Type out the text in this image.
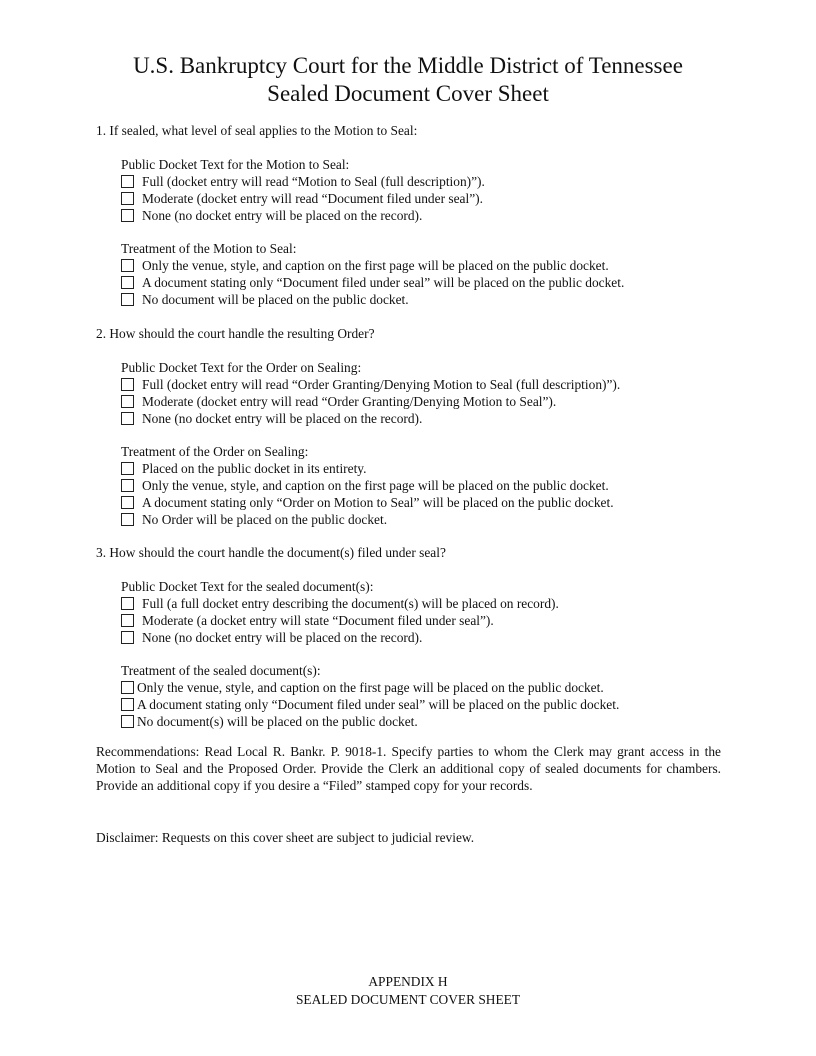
U.S. Bankruptcy Court for the Middle District of Tennessee
Sealed Document Cover Sheet
1. If sealed, what level of seal applies to the Motion to Seal:
Public Docket Text for the Motion to Seal:
Full (docket entry will read “Motion to Seal (full description)”).
Moderate (docket entry will read “Document filed under seal”).
None (no docket entry will be placed on the record).
Treatment of the Motion to Seal:
Only the venue, style, and caption on the first page will be placed on the public docket.
A document stating only “Document filed under seal” will be placed on the public docket.
No document will be placed on the public docket.
2. How should the court handle the resulting Order?
Public Docket Text for the Order on Sealing:
Full (docket entry will read “Order Granting/Denying Motion to Seal (full description)”).
Moderate (docket entry will read “Order Granting/Denying Motion to Seal”).
None (no docket entry will be placed on the record).
Treatment of the Order on Sealing:
Placed on the public docket in its entirety.
Only the venue, style, and caption on the first page will be placed on the public docket.
A document stating only “Order on Motion to Seal” will be placed on the public docket.
No Order will be placed on the public docket.
3. How should the court handle the document(s) filed under seal?
Public Docket Text for the sealed document(s):
Full (a full docket entry describing the document(s) will be placed on record).
Moderate (a docket entry will state “Document filed under seal”).
None (no docket entry will be placed on the record).
Treatment of the sealed document(s):
Only the venue, style, and caption on the first page will be placed on the public docket.
A document stating only “Document filed under seal” will be placed on the public docket.
No document(s) will be placed on the public docket.
Recommendations: Read Local R. Bankr. P. 9018-1. Specify parties to whom the Clerk may grant access in the Motion to Seal and the Proposed Order. Provide the Clerk an additional copy of sealed documents for chambers. Provide an additional copy if you desire a “Filed” stamped copy for your records.
Disclaimer: Requests on this cover sheet are subject to judicial review.
APPENDIX H
SEALED DOCUMENT COVER SHEET
